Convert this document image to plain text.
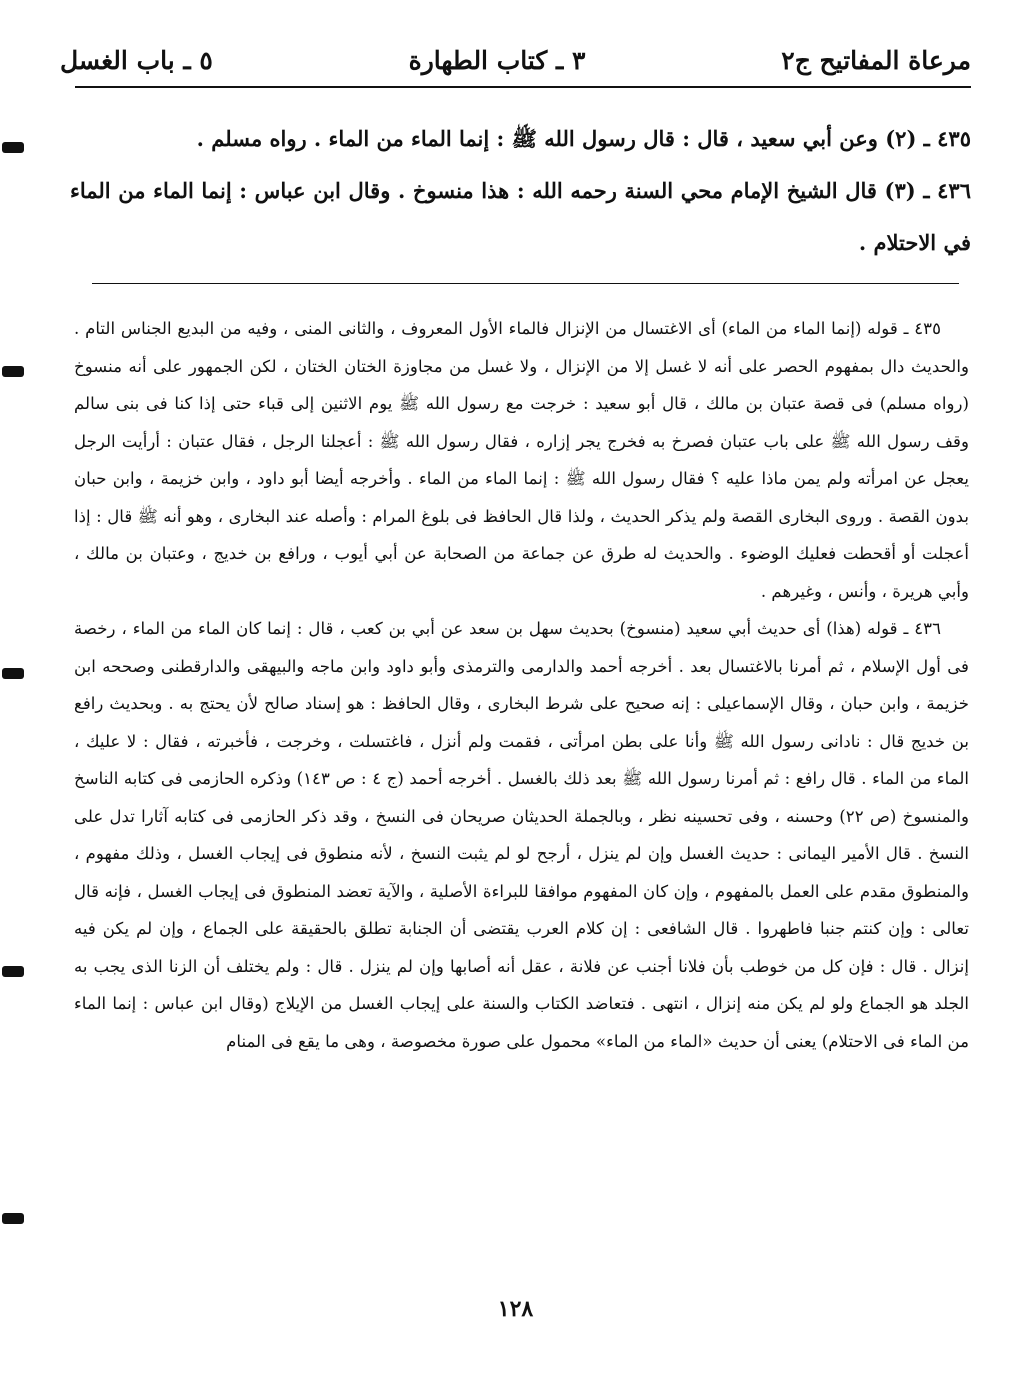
مرعاة المفاتيح ج٢
٣ ـ كتاب الطهارة
٥ ـ باب الغسل
٤٣٥ ـ (٢) وعن أبي سعيد ، قال : قال رسول الله ﷺ : إنما الماء من الماء . رواه مسلم .
٤٣٦ ـ (٣) قال الشيخ الإمام محي السنة رحمه الله : هذا منسوخ . وقال ابن عباس : إنما الماء من الماء في الاحتلام .

٤٣٥ ـ قوله (إنما الماء من الماء) أى الاغتسال من الإنزال فالماء الأول المعروف ، والثانى المنى ، وفيه من البديع الجناس التام . والحديث دال بمفهوم الحصر على أنه لا غسل إلا من الإنزال ، ولا غسل من مجاوزة الختان الختان ، لكن الجمهور على أنه منسوخ (رواه مسلم) فى قصة عتبان بن مالك ، قال أبو سعيد : خرجت مع رسول الله ﷺ يوم الاثنين إلى قباء حتى إذا كنا فى بنى سالم وقف رسول الله ﷺ على باب عتبان فصرخ به فخرج يجر إزاره ، فقال رسول الله ﷺ : أعجلنا الرجل ، فقال عتبان : أرأيت الرجل يعجل عن امرأته ولم يمن ماذا عليه ؟ فقال رسول الله ﷺ : إنما الماء من الماء . وأخرجه أيضا أبو داود ، وابن خزيمة ، وابن حبان بدون القصة . وروى البخارى القصة ولم يذكر الحديث ، ولذا قال الحافظ فى بلوغ المرام : وأصله عند البخارى ، وهو أنه ﷺ قال : إذا أعجلت أو أقحطت فعليك الوضوء . والحديث له طرق عن جماعة من الصحابة عن أبي أيوب ، ورافع بن خديج ، وعتبان بن مالك ، وأبي هريرة ، وأنس ، وغيرهم .

٤٣٦ ـ قوله (هذا) أى حديث أبي سعيد (منسوخ) بحديث سهل بن سعد عن أبي بن كعب ، قال : إنما كان الماء من الماء ، رخصة فى أول الإسلام ، ثم أمرنا بالاغتسال بعد . أخرجه أحمد والدارمى والترمذى وأبو داود وابن ماجه والبيهقى والدارقطنى وصححه ابن خزيمة ، وابن حبان ، وقال الإسماعيلى : إنه صحيح على شرط البخارى ، وقال الحافظ : هو إسناد صالح لأن يحتج به . وبحديث رافع بن خديج قال : نادانى رسول الله ﷺ وأنا على بطن امرأتى ، فقمت ولم أنزل ، فاغتسلت ، وخرجت ، فأخبرته ، فقال : لا عليك ، الماء من الماء . قال رافع : ثم أمرنا رسول الله ﷺ بعد ذلك بالغسل . أخرجه أحمد (ج ٤ : ص ١٤٣) وذكره الحازمى فى كتابه الناسخ والمنسوخ (ص ٢٢) وحسنه ، وفى تحسينه نظر ، وبالجملة الحديثان صريحان فى النسخ ، وقد ذكر الحازمى فى كتابه آثارا تدل على النسخ . قال الأمير اليمانى : حديث الغسل وإن لم ينزل ، أرجح لو لم يثبت النسخ ، لأنه منطوق فى إيجاب الغسل ، وذلك مفهوم ، والمنطوق مقدم على العمل بالمفهوم ، وإن كان المفهوم موافقا للبراءة الأصلية ، والآية تعضد المنطوق فى إيجاب الغسل ، فإنه قال تعالى : وإن كنتم جنبا فاطهروا . قال الشافعى : إن كلام العرب يقتضى أن الجنابة تطلق بالحقيقة على الجماع ، وإن لم يكن فيه إنزال . قال : فإن كل من خوطب بأن فلانا أجنب عن فلانة ، عقل أنه أصابها وإن لم ينزل . قال : ولم يختلف أن الزنا الذى يجب به الجلد هو الجماع ولو لم يكن منه إنزال ، انتهى . فتعاضد الكتاب والسنة على إيجاب الغسل من الإيلاج (وقال ابن عباس : إنما الماء من الماء فى الاحتلام) يعنى أن حديث «الماء من الماء» محمول على صورة مخصوصة ، وهى ما يقع فى المنام

١٢٨
